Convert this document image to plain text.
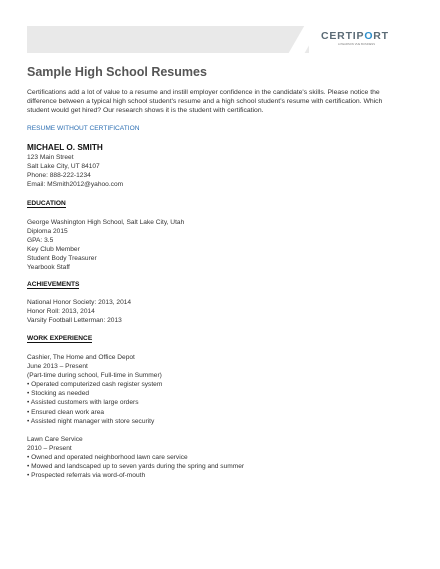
CERTIPORT
A PEARSON VUE BUSINESS
Sample High School Resumes
Certifications add a lot of value to a resume and instill employer confidence in the candidate's skills. Please notice the
difference between a typical high school student's resume and a high school student's resume with certification. Which
student would get hired? Our research shows it is the student with certification.
RESUME WITHOUT CERTIFICATION
MICHAEL O. SMITH
123 Main Street
Salt Lake City, UT 84107
Phone: 888-222-1234
Email: MSmith2012@yahoo.com
EDUCATION
George Washington High School, Salt Lake City, Utah
Diploma 2015
GPA: 3.5
Key Club Member
Student Body Treasurer
Yearbook Staff
ACHIEVEMENTS
National Honor Society: 2013, 2014
Honor Roll: 2013, 2014
Varsity Football Letterman: 2013
WORK EXPERIENCE
Cashier, The Home and Office Depot
June 2013 – Present
(Part-time during school, Full-time in Summer)
• Operated computerized cash register system
• Stocking as needed
• Assisted customers with large orders
• Ensured clean work area
• Assisted night manager with store security
Lawn Care Service
2010 – Present
• Owned and operated neighborhood lawn care service
• Mowed and landscaped up to seven yards during the spring and summer
• Prospected referrals via word-of-mouth
